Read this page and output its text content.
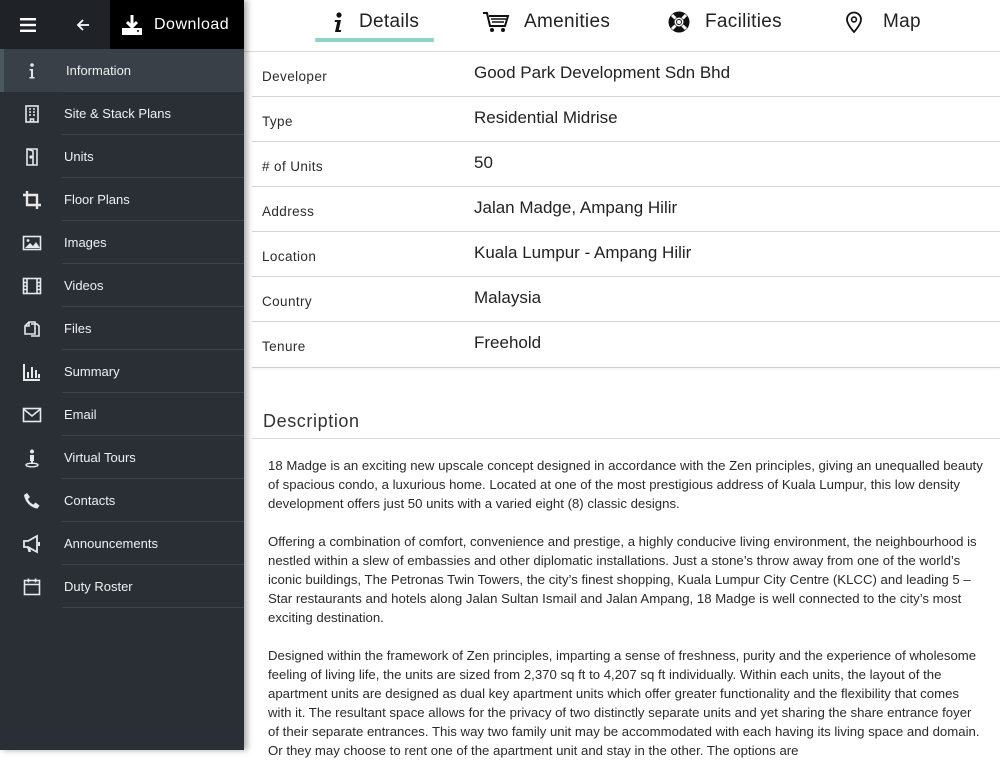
Download
Information
Site & Stack Plans
Units
Floor Plans
Images
Videos
Files
Summary
Email
Virtual Tours
Contacts
Announcements
Duty Roster
Details	Amenities	Facilities	Map
Developer	Good Park Development Sdn Bhd
Type	Residential Midrise
# of Units	50
Address	Jalan Madge, Ampang Hilir
Location	Kuala Lumpur - Ampang Hilir
Country	Malaysia
Tenure	Freehold
Description

18 Madge is an exciting new upscale concept designed in accordance with the Zen principles, giving an unequalled beauty of spacious condo, a luxurious home. Located at one of the most prestigious address of Kuala Lumpur, this low density development offers just 50 units with a varied eight (8) classic designs.

Offering a combination of comfort, convenience and prestige, a highly conducive living environment, the neighbourhood is nestled within a slew of embassies and other diplomatic installations. Just a stone’s throw away from one of the world’s iconic buildings, The Petronas Twin Towers, the city’s finest shopping, Kuala Lumpur City Centre (KLCC) and leading 5 – Star restaurants and hotels along Jalan Sultan Ismail and Jalan Ampang, 18 Madge is well connected to the city’s most exciting destination.

Designed within the framework of Zen principles, imparting a sense of freshness, purity and the experience of wholesome feeling of living life, the units are sized from 2,370 sq ft to 4,207 sq ft individually. Within each units, the layout of the apartment units are designed as dual key apartment units which offer greater functionality and the flexibility that comes with it. The resultant space allows for the privacy of two distinctly separate units and yet sharing the share entrance foyer of their separate entrances. This way two family unit may be accommodated with each having its living space and domain. Or they may choose to rent one of the apartment unit and stay in the other. The options are
